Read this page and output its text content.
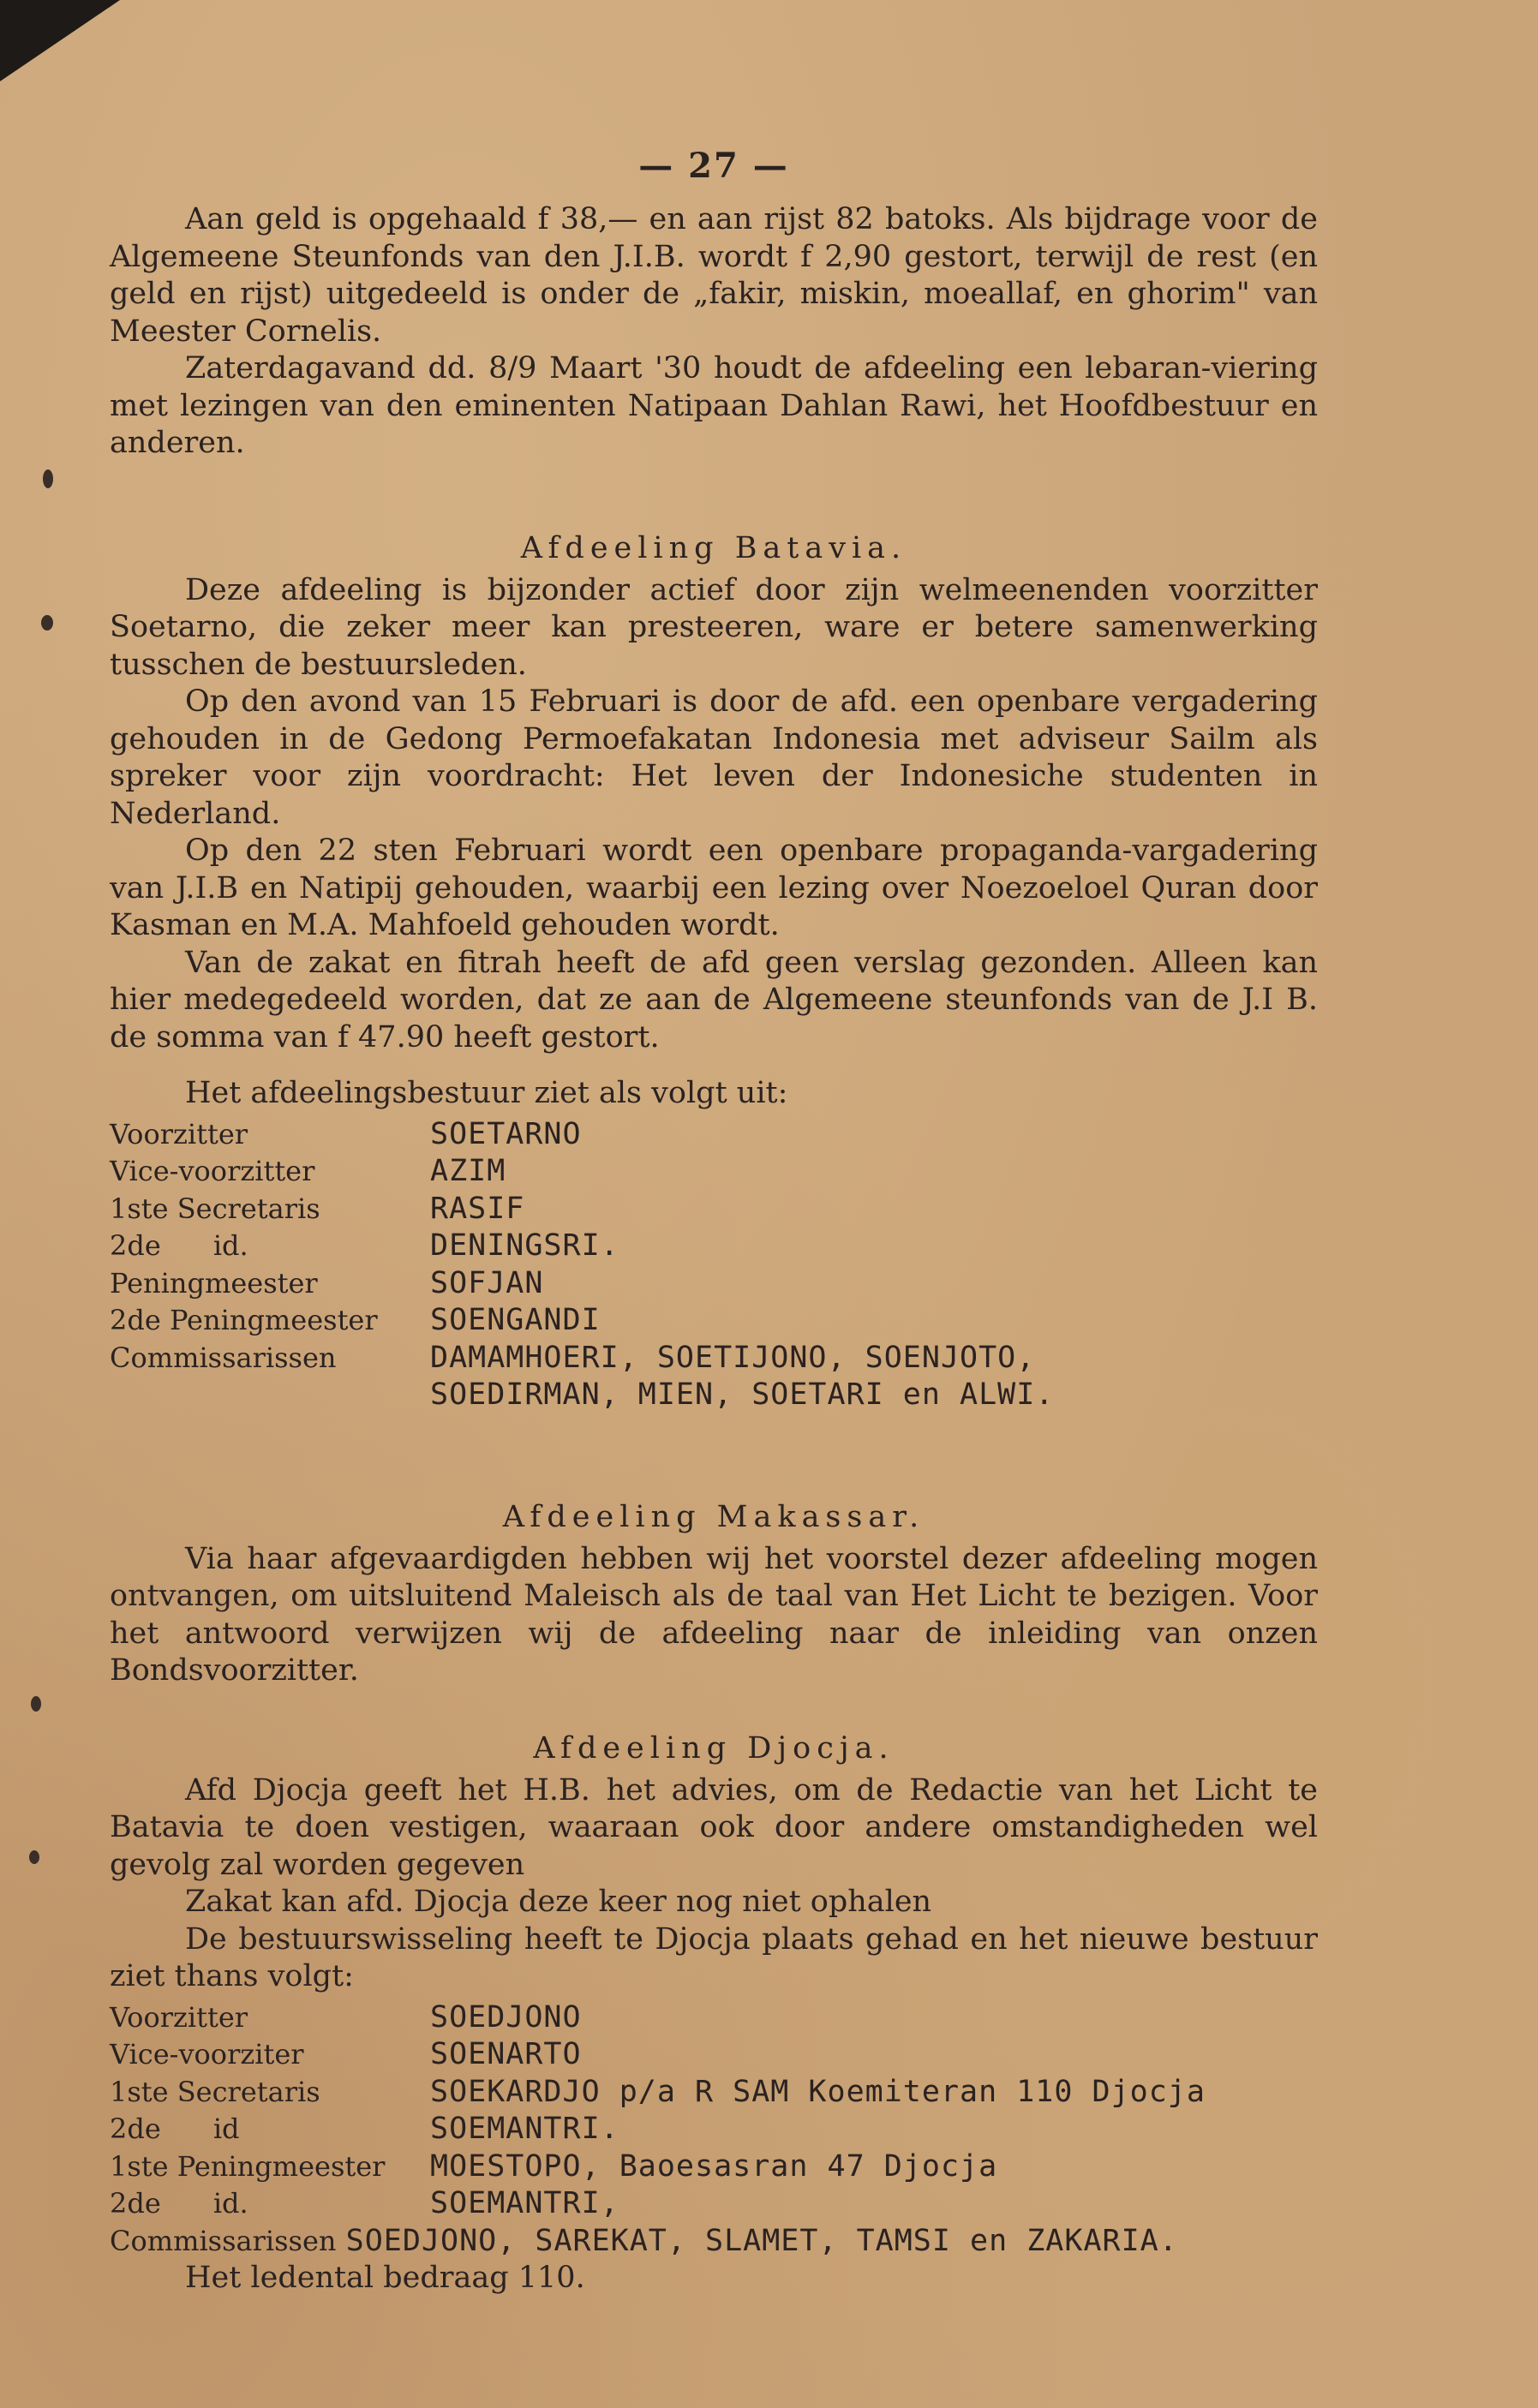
— 27 —

Aan geld is opgehaald f 38,— en aan rijst 82 batoks. Als bijdrage voor de Algemeene Steunfonds van den J.I.B. wordt f 2,90 gestort, terwijl de rest (en geld en rijst) uitgedeeld is onder de „fakir, miskin, moeallaf, en ghorim" van Meester Cornelis.

Zaterdagavand dd. 8/9 Maart '30 houdt de afdeeling een lebaran-viering met lezingen van den eminenten Natipaan Dahlan Rawi, het Hoofdbestuur en anderen.

Afdeeling Batavia.

Deze afdeeling is bijzonder actief door zijn welmeenenden voorzitter Soetarno, die zeker meer kan presteeren, ware er betere samenwerking tusschen de bestuursleden.

Op den avond van 15 Februari is door de afd. een openbare vergadering gehouden in de Gedong Permoefakatan Indonesia met adviseur Sailm als spreker voor zijn voordracht: Het leven der Indonesiche studenten in Nederland.

Op den 22 sten Februari wordt een openbare propaganda-vargadering van J.I.B en Natipij gehouden, waarbij een lezing over Noezoeloel Quran door Kasman en M.A. Mahfoeld gehouden wordt.

Van de zakat en fitrah heeft de afd geen verslag gezonden. Alleen kan hier medegedeeld worden, dat ze aan de Algemeene steunfonds van de J.I B. de somma van f 47.90 heeft gestort.

Het afdeelingsbestuur ziet als volgt uit:

Voorzitter	SOETARNO
Vice-voorzitter	AZIM
1ste Secretaris	RASIF
2de      id.	DENINGSRI.
Peningmeester	SOFJAN
2de Peningmeester	SOENGANDI
Commissarissen	DAMAMHOERI, SOETIJONO, SOENJOTO,
	SOEDIRMAN, MIEN, SOETARI en ALWI.
Afdeeling Makassar.

Via haar afgevaardigden hebben wij het voorstel dezer afdeeling mogen ontvangen, om uitsluitend Maleisch als de taal van Het Licht te bezigen. Voor het antwoord verwijzen wij de afdeeling naar de inleiding van onzen Bondsvoorzitter.

Afdeeling Djocja.

Afd Djocja geeft het H.B. het advies, om de Redactie van het Licht te Batavia te doen vestigen, waaraan ook door andere omstandigheden wel gevolg zal worden gegeven

Zakat kan afd. Djocja deze keer nog niet ophalen

De bestuurswisseling heeft te Djocja plaats gehad en het nieuwe bestuur ziet thans volgt:

Voorzitter	SOEDJONO
Vice-voorziter	SOENARTO
1ste Secretaris	SOEKARDJO p/a R SAM Koemiteran 110 Djocja
2de      id	SOEMANTRI.
1ste Peningmeester	MOESTOPO, Baoesasran 47 Djocja
2de      id.	SOEMANTRI,
Commissarissen SOEDJONO, SAREKAT, SLAMET, TAMSI en ZAKARIA.

Het ledental bedraag 110.
